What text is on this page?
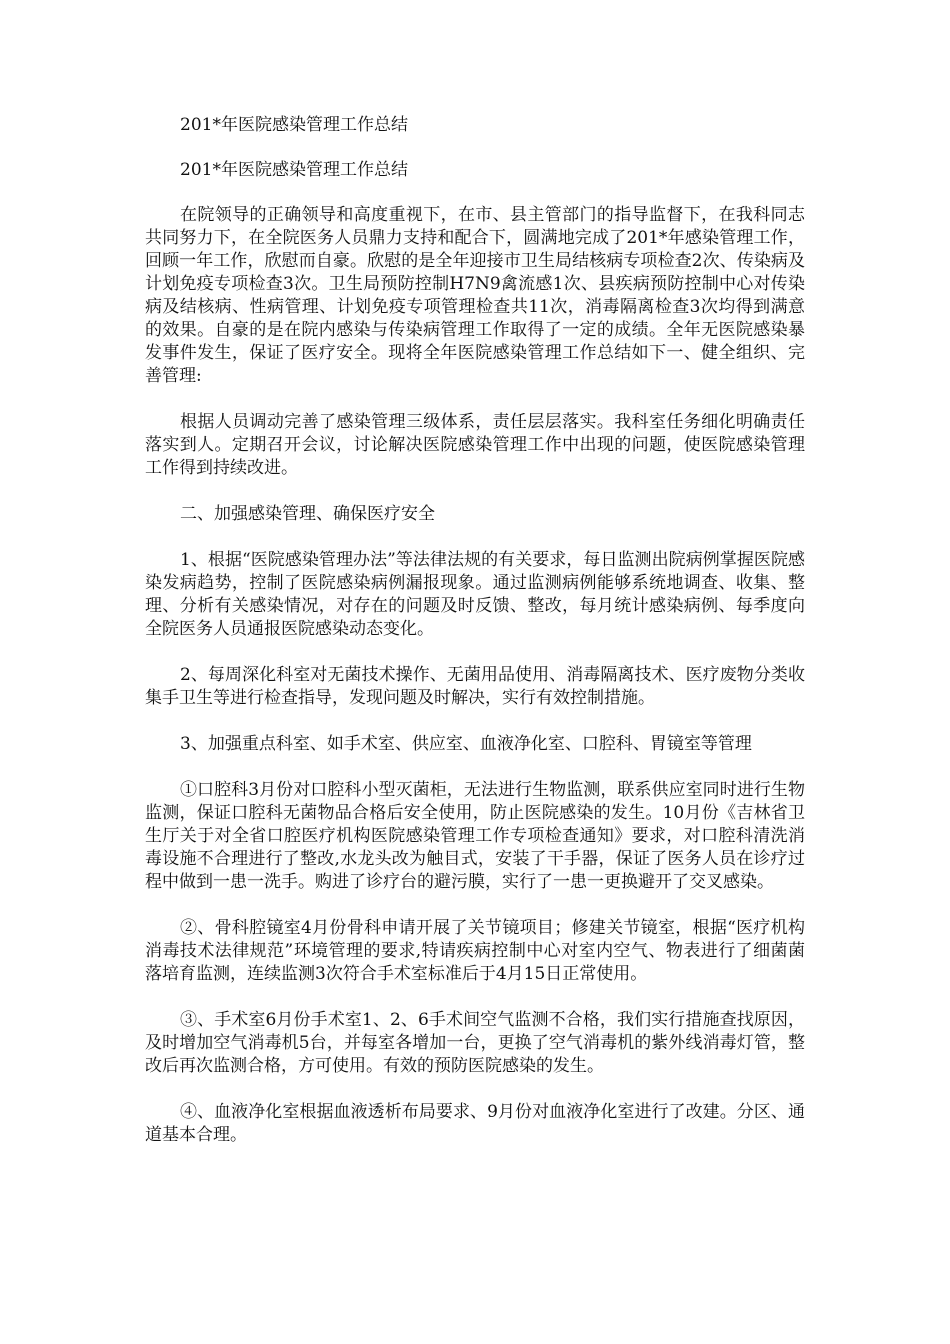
201*年医院感染管理工作总结

201*年医院感染管理工作总结

在院领导的正确领导和高度重视下，在市、县主管部门的指导监督下，在我科同志共同努力下，在全院医务人员鼎力支持和配合下，圆满地完成了201*年感染管理工作，回顾一年工作，欣慰而自豪。欣慰的是全年迎接市卫生局结核病专项检查2次、传染病及计划免疫专项检查3次。卫生局预防控制H7N9禽流感1次、县疾病预防控制中心对传染病及结核病、性病管理、计划免疫专项管理检查共11次，消毒隔离检查3次均得到满意的效果。自豪的是在院内感染与传染病管理工作取得了一定的成绩。全年无医院感染暴发事件发生，保证了医疗安全。现将全年医院感染管理工作总结如下一、健全组织、完善管理:

根据人员调动完善了感染管理三级体系，责任层层落实。我科室任务细化明确责任落实到人。定期召开会议，讨论解决医院感染管理工作中出现的问题，使医院感染管理工作得到持续改进。

二、加强感染管理、确保医疗安全

1、根据“医院感染管理办法”等法律法规的有关要求，每日监测出院病例掌握医院感染发病趋势，控制了医院感染病例漏报现象。通过监测病例能够系统地调查、收集、整理、分析有关感染情况，对存在的问题及时反馈、整改，每月统计感染病例、每季度向全院医务人员通报医院感染动态变化。

2、每周深化科室对无菌技术操作、无菌用品使用、消毒隔离技术、医疗废物分类收集手卫生等进行检查指导，发现问题及时解决，实行有效控制措施。

3、加强重点科室、如手术室、供应室、血液净化室、口腔科、胃镜室等管理

①口腔科3月份对口腔科小型灭菌柜，无法进行生物监测，联系供应室同时进行生物监测，保证口腔科无菌物品合格后安全使用，防止医院感染的发生。10月份《吉林省卫生厅关于对全省口腔医疗机构医院感染管理工作专项检查通知》要求，对口腔科清洗消毒设施不合理进行了整改,水龙头改为触目式，安装了干手器，保证了医务人员在诊疗过程中做到一患一洗手。购进了诊疗台的避污膜，实行了一患一更换避开了交叉感染。

②、骨科腔镜室4月份骨科申请开展了关节镜项目；修建关节镜室，根据“医疗机构消毒技术法律规范”环境管理的要求,特请疾病控制中心对室内空气、物表进行了细菌菌落培育监测，连续监测3次符合手术室标准后于4月15日正常使用。

③、手术室6月份手术室1、2、6手术间空气监测不合格，我们实行措施查找原因，及时增加空气消毒机5台，并每室各增加一台，更换了空气消毒机的紫外线消毒灯管，整改后再次监测合格，方可使用。有效的预防医院感染的发生。

④、血液净化室根据血液透析布局要求、9月份对血液净化室进行了改建。分区、通道基本合理。
